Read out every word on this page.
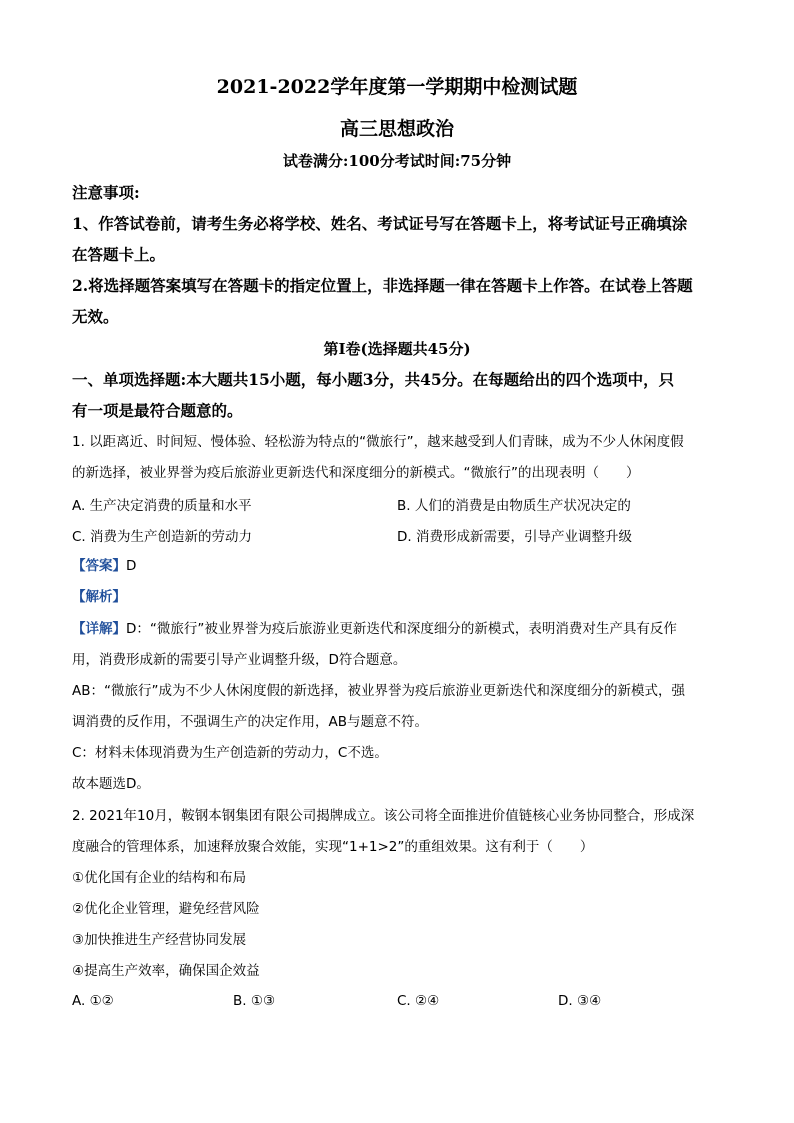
2021-2022学年度第一学期期中检测试题
高三思想政治
试卷满分:100分考试时间:75分钟
注意事项:
1、作答试卷前，请考生务必将学校、姓名、考试证号写在答题卡上，将考试证号正确填涂
在答题卡上。
2.将选择题答案填写在答题卡的指定位置上，非选择题一律在答题卡上作答。在试卷上答题
无效。
第Ⅰ卷(选择题共45分)
一、单项选择题:本大题共15小题，每小题3分，共45分。在每题给出的四个选项中，只
有一项是最符合题意的。
1. 以距离近、时间短、慢体验、轻松游为特点的“微旅行”，越来越受到人们青睐，成为不少人休闲度假
的新选择，被业界誉为疫后旅游业更新迭代和深度细分的新模式。“微旅行”的出现表明（　　）
A. 生产决定消费的质量和水平	B. 人们的消费是由物质生产状况决定的
C. 消费为生产创造新的劳动力	D. 消费形成新需要，引导产业调整升级
【答案】D
【解析】
【详解】D：“微旅行”被业界誉为疫后旅游业更新迭代和深度细分的新模式，表明消费对生产具有反作
用，消费形成新的需要引导产业调整升级，D符合题意。
AB：“微旅行”成为不少人休闲度假的新选择，被业界誉为疫后旅游业更新迭代和深度细分的新模式，强
调消费的反作用，不强调生产的决定作用，AB与题意不符。
C：材料未体现消费为生产创造新的劳动力，C不选。
故本题选D。
2. 2021年10月，鞍钢本钢集团有限公司揭牌成立。该公司将全面推进价值链核心业务协同整合，形成深
度融合的管理体系，加速释放聚合效能，实现“1+1>2”的重组效果。这有利于（　　）
①优化国有企业的结构和布局
②优化企业管理，避免经营风险
③加快推进生产经营协同发展
④提高生产效率，确保国企效益
A. ①②	B. ①③	C. ②④	D. ③④
